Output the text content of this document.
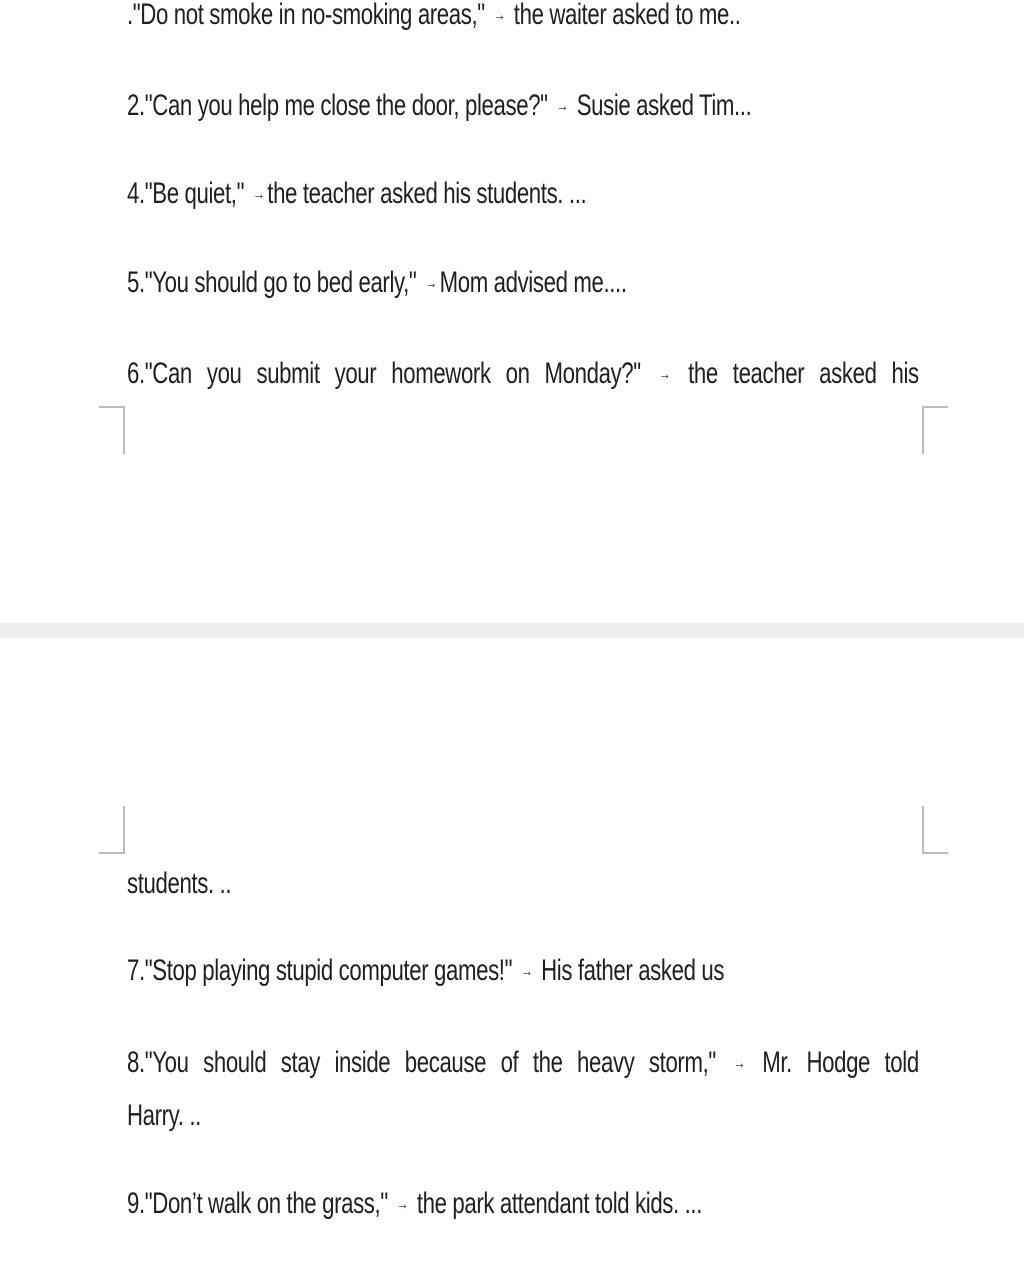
."Do not smoke in no-smoking areas," → the waiter asked to me..

2."Can you help me close the door, please?" → Susie asked Tim...

4."Be quiet," →the teacher asked his students. ...

5."You should go to bed early," →Mom advised me....

6."Can you submit your homework on Monday?" → the teacher asked his

students. ..

7."Stop playing stupid computer games!" → His father asked us

8."You should stay inside because of the heavy storm," → Mr. Hodge told

Harry. ..

9."Don’t walk on the grass," → the park attendant told kids. ...
